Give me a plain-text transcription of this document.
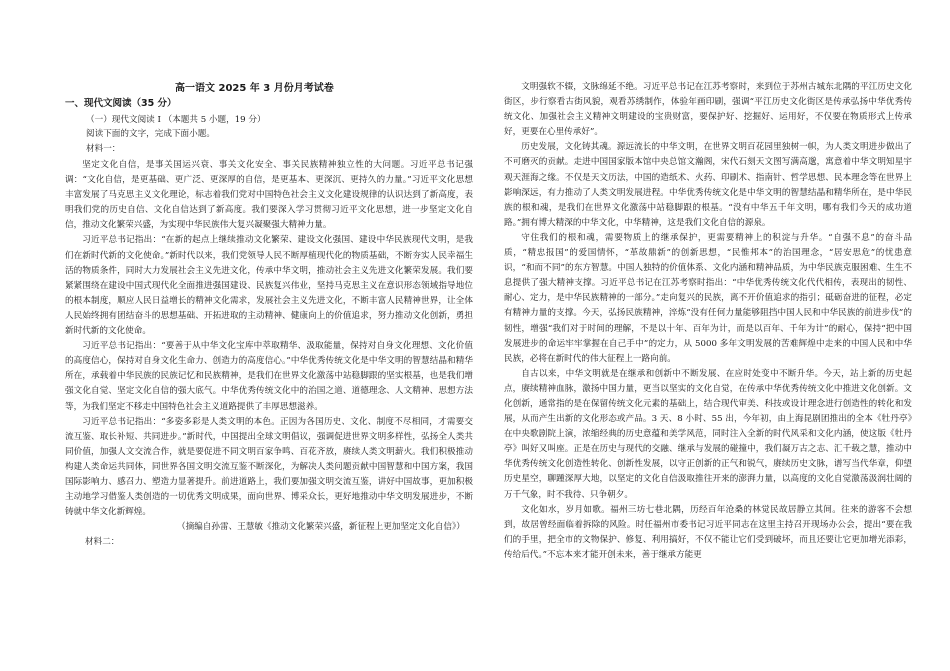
高一语文 2025 年 3 月份月考试卷
一、现代文阅读（35 分）
（一）现代文阅读 I （本题共 5 小题，19 分）
阅读下面的文字，完成下面小题。
材料一：

坚定文化自信，是事关国运兴衰、事关文化安全、事关民族精神独立性的大问题。习近平总书记强调：“文化自信，是更基础、更广泛、更深厚的自信，是更基本、更深沉、更持久的力量。”习近平文化思想丰富发展了马克思主义文化理论，标志着我们党对中国特色社会主义文化建设规律的认识达到了新高度，表明我们党的历史自信、文化自信达到了新高度。我们要深入学习贯彻习近平文化思想，进一步坚定文化自信，推动文化繁荣兴盛，为实现中华民族伟大复兴凝聚强大精神力量。

习近平总书记指出：“在新的起点上继续推动文化繁荣、建设文化强国、建设中华民族现代文明，是我们在新时代新的文化使命。”新时代以来，我们党领导人民不断厚植现代化的物质基础，不断夯实人民幸福生活的物质条件，同时大力发展社会主义先进文化，传承中华文明，推动社会主义先进文化繁荣发展。我们要紧紧围绕在建设中国式现代化全面推进强国建设、民族复兴伟业，坚持马克思主义在意识形态领域指导地位的根本制度，顺应人民日益增长的精神文化需求，发展社会主义先进文化，不断丰富人民精神世界，让全体人民始终拥有团结奋斗的思想基础、开拓进取的主动精神、健康向上的价值追求，努力推动文化创新，勇担新时代新的文化使命。

习近平总书记指出：“要善于从中华文化宝库中萃取精华、汲取能量，保持对自身文化理想、文化价值的高度信心，保持对自身文化生命力、创造力的高度信心。”中华优秀传统文化是中华文明的智慧结晶和精华所在，承载着中华民族的民族记忆和民族精神，是我们在世界文化激荡中站稳脚跟的坚实根基，也是我们增强文化自觉、坚定文化自信的强大底气。中华优秀传统文化中的治国之道、道德理念、人文精神、思想方法等，为我们坚定不移走中国特色社会主义道路提供了丰厚思想滋养。

习近平总书记指出：“多姿多彩是人类文明的本色。正因为各国历史、文化、制度不尽相同，才需要交流互鉴、取长补短、共同进步。”新时代，中国提出全球文明倡议，强调促进世界文明多样性，弘扬全人类共同价值，加强人文交流合作，就是要促进不同文明百家争鸣、百花齐放，赓续人类文明薪火。我们积极推动构建人类命运共同体，同世界各国文明交流互鉴不断深化，为解决人类问题贡献中国智慧和中国方案，我国国际影响力、感召力、塑造力显著提升。前进道路上，我们要加强文明交流互鉴，讲好中国故事，更加积极主动地学习借鉴人类创造的一切优秀文明成果，面向世界、博采众长，更好地推动中华文明发展进步，不断铸就中华文化新辉煌。

（摘编自孙雷、王慧敏《推动文化繁荣兴盛，新征程上更加坚定文化自信》）

材料二：

文明强软不辍，文脉绵延不绝。习近平总书记在江苏考察时，来到位于苏州古城东北隅的平江历史文化街区，步行察看古街风貌，观看苏绣制作，体验年画印刷，强调“平江历史文化街区是传承弘扬中华优秀传统文化、加强社会主义精神文明建设的宝贵财富，要保护好、挖掘好、运用好，不仅要在物质形式上传承好，更要在心里传承好”。

历史发展，文化铸其魂。源远流长的中华文明，在世界文明百花园里独树一帜，为人类文明进步做出了不可磨灭的贡献。走进中国国家版本馆中央总馆文瀚阁，宋代石刻天文图写满高邈，寓意着中华文明知星宇观天涯海之缘。不仅是天文历法，中国的造纸术、火药、印刷术、指南针、哲学思想、民本理念等在世界上影响深远，有力推动了人类文明发展进程。中华优秀传统文化是中华文明的智慧结晶和精华所在，是中华民族的根和魂，是我们在世界文化激荡中站稳脚跟的根基。“没有中华五千年文明，哪有我们今天的成功道路。”拥有博大精深的中华文化，中华精神，这是我们文化自信的源泉。

守住我们的根和魂，需要物质上的继承保护，更需要精神上的积淀与升华。“自强不息”的奋斗品质，“精忠报国”的爱国情怀，“革故鼎新”的创新思想，“民惟邦本”的治国理念，“居安思危”的忧患意识，“和而不同”的东方智慧。中国人独特的价值体系、文化内涵和精神品质，为中华民族克服困难、生生不息提供了强大精神支撑。习近平总书记在江苏考察时指出：“中华优秀传统文化代代相传，表现出的韧性、耐心、定力，是中华民族精神的一部分。”走向复兴的民族，离不开价值追求的指引；砥砺奋进的征程，必定有精神力量的支撑。今天，弘扬民族精神，淬炼“没有任何力量能够阻挡中国人民和中华民族的前进步伐”的韧性，增强“我们对于时间的理解，不是以十年、百年为计，而是以百年、千年为计”的耐心，保持“把中国发展进步的命运牢牢掌握在自己手中”的定力，从 5000 多年文明发展的苦难辉煌中走来的中国人民和中华民族，必将在新时代的伟大征程上一路向前。

自古以来，中华文明就是在继承和创新中不断发展、在应时处变中不断升华。今天，站上新的历史起点，赓续精神血脉，激扬中国力量，更当以坚实的文化自觉，在传承中华优秀传统文化中推进文化创新。文化创新，通常指的是在保留传统文化元素的基础上，结合现代审美、科技或设计理念进行创造性的转化和发展，从而产生出新的文化形态或产品。3 天、8 小时、55 出，今年初，由上海昆剧团推出的全本《牡丹亭》在中央歌剧院上演，浓缩经典的历史意蕴和美学风范，同时注入全新的时代风采和文化内涵，使这版《牡丹亭》叫好又叫座。正是在历史与现代的交融、继承与发展的碰撞中，我们凝万古之志、汇千载之慧，推动中华优秀传统文化创造性转化、创新性发展，以守正创新的正气和锐气，赓续历史文脉，谱写当代华章，仰望历史星空，聊踵深厚大地，以坚定的文化自信汲取推往开来的澎湃力量，以高度的文化自觉激荡汲润壮阔的万千气象，时不我待、只争朝夕。

文化如水，岁月如歌。福州三坊七巷北隅，历经百年沧桑的林觉民故居静立其间。往来的游客不会想到，故居曾经面临着拆除的风险。时任福州市委书记习近平同志在这里主持召开现场办公会，提出“要在我们的手里，把全市的文物保护、修复、利用搞好，不仅不能让它们受到破坏，而且还要让它更加增光添彩，传给后代。”不忘本来才能开创未来，善于继承方能更
